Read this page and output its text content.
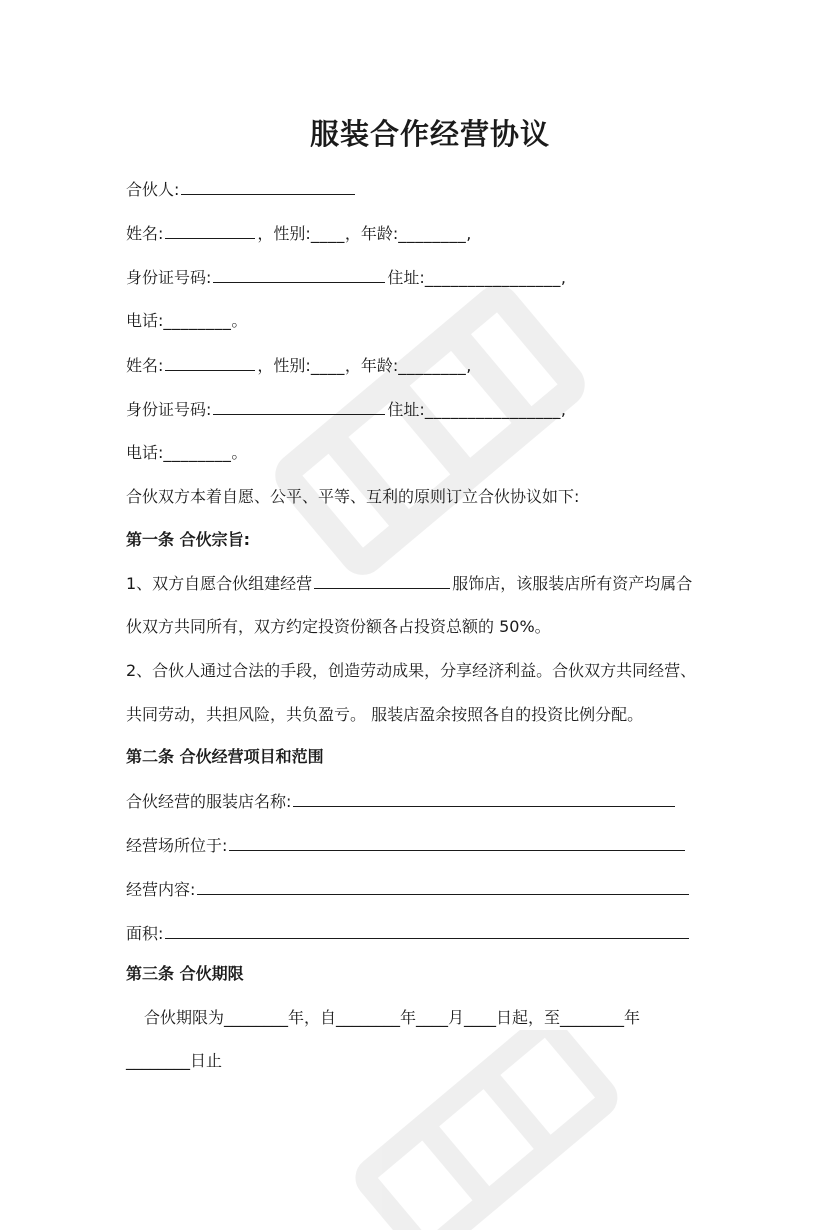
服装合作经营协议
合伙人:
姓名:	，性别:____，年龄:________,
身份证号码:	住址:________________,
电话:________。
姓名:	，性别:____，年龄:________,
身份证号码:	住址:________________,
电话:________。
合伙双方本着自愿、公平、平等、互利的原则订立合伙协议如下:
第一条 合伙宗旨:
1、双方自愿合伙组建经营	服饰店，该服装店所有资产均属合
伙双方共同所有，双方约定投资份额各占投资总额的 50%。
2、合伙人通过合法的手段，创造劳动成果，分享经济利益。合伙双方共同经营、
共同劳动，共担风险，共负盈亏。 服装店盈余按照各自的投资比例分配。
第二条 合伙经营项目和范围
合伙经营的服装店名称:
经营场所位于:
经营内容:
面积:
第三条 合伙期限
合伙期限为________年，自________年____月____日起，至________年
________日止
